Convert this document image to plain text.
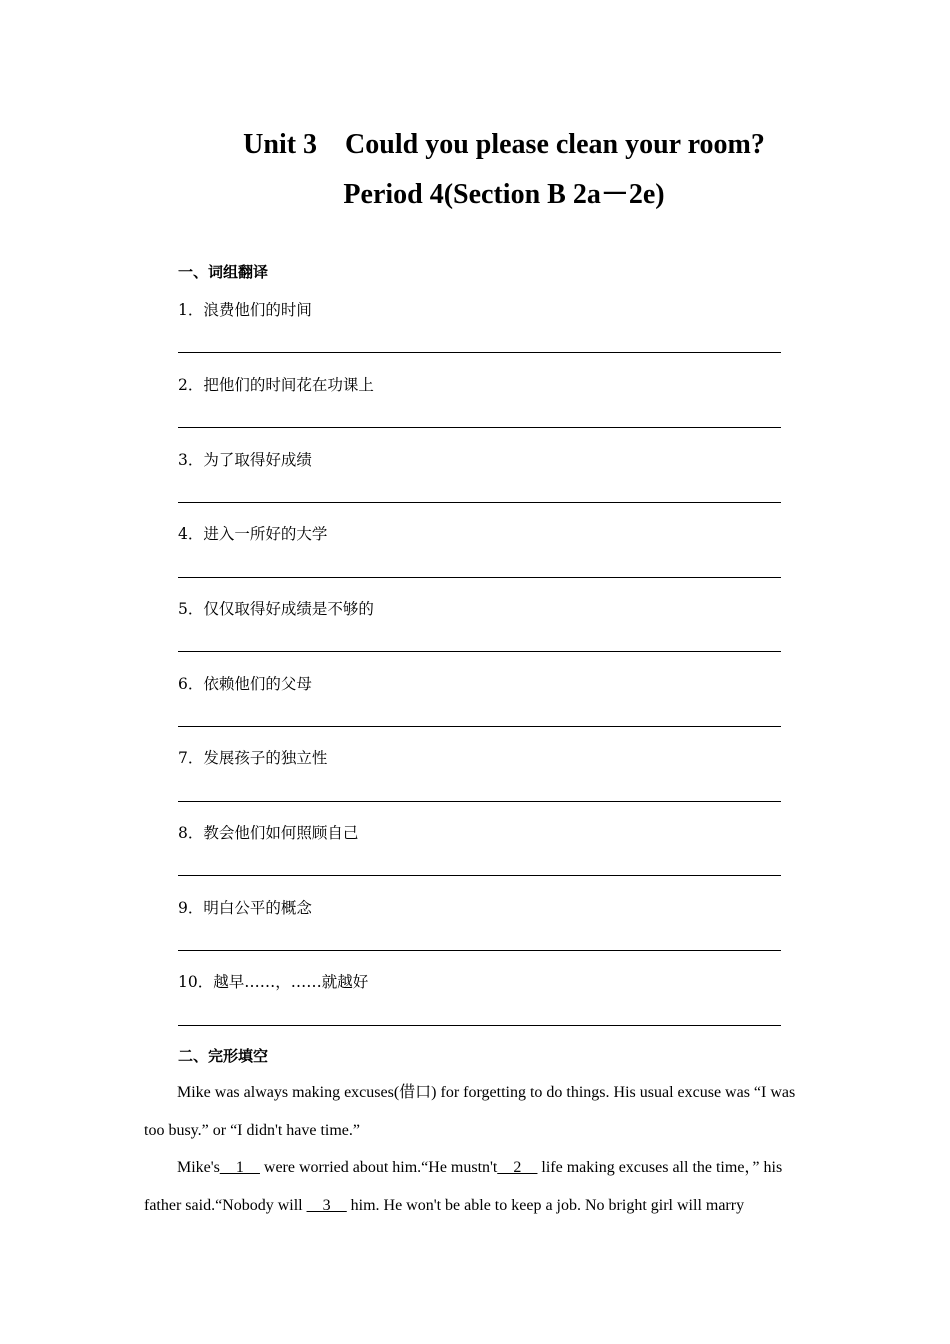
Unit 3　Could you please clean your room?
Period 4(Section B 2a－2e)
一、词组翻译
1．浪费他们的时间
2．把他们的时间花在功课上
3．为了取得好成绩
4．进入一所好的大学
5．仅仅取得好成绩是不够的
6．依赖他们的父母
7．发展孩子的独立性
8．教会他们如何照顾自己
9．明白公平的概念
10．越早……，……就越好
二、完形填空
Mike was always making excuses(借口) for forgetting to do things. His usual excuse was “I was too busy.” or “I didn't have time.”
Mike's__1__ were worried about him.“He mustn't__2__ life making excuses all the time，” his father said.“Nobody will __3__ him. He won't be able to keep a job. No bright girl will marry
